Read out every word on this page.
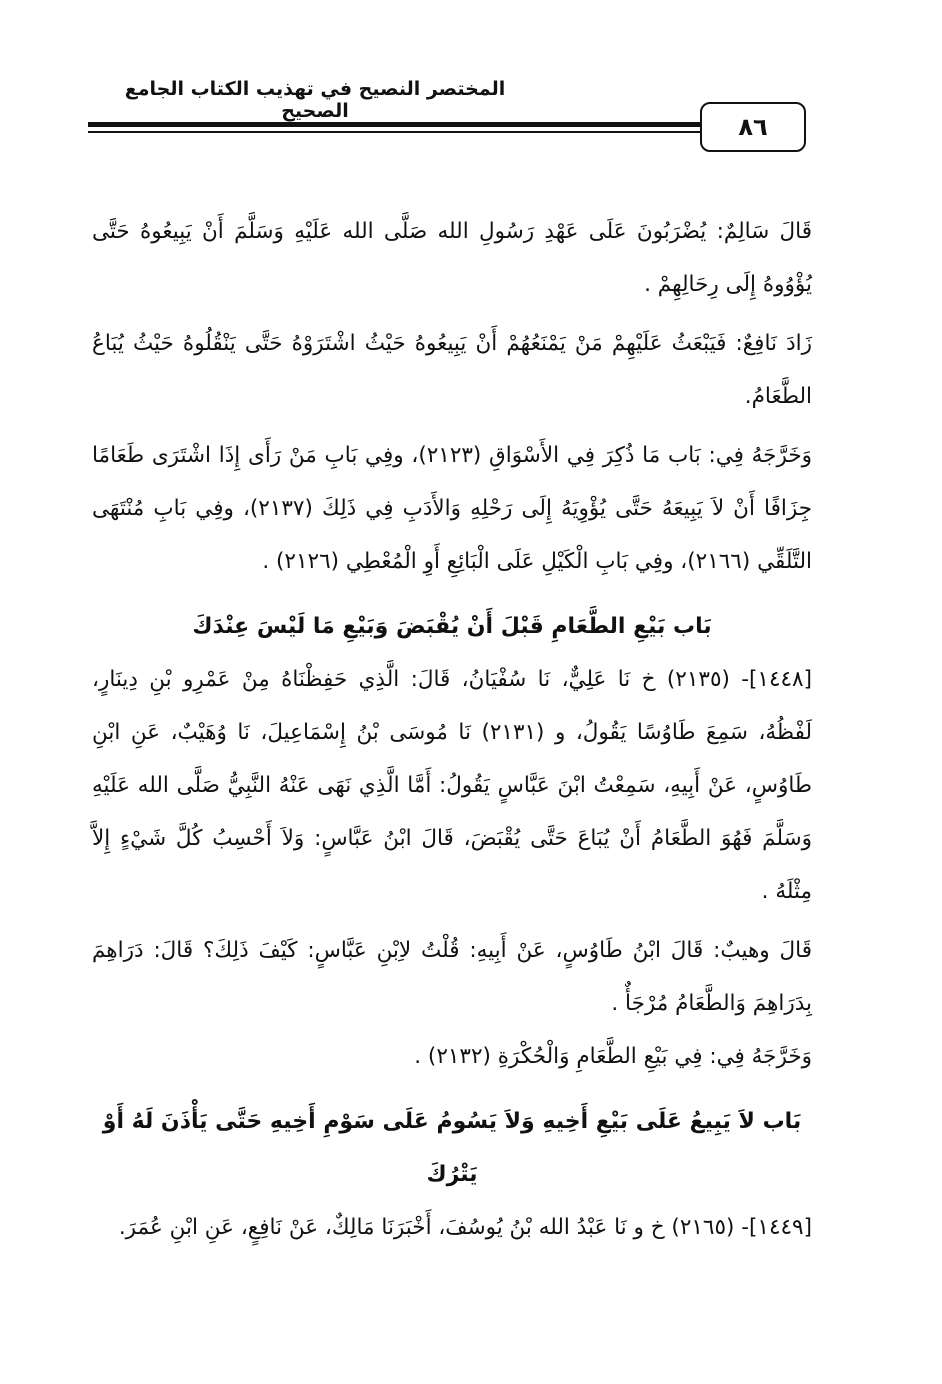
المختصر النصيح في تهذيب الكتاب الجامع الصحيح
٨٦

قَالَ سَالِمٌ: يُضْرَبُونَ عَلَى عَهْدِ رَسُولِ الله صَلَّى الله عَلَيْهِ وَسَلَّمَ أَنْ يَبِيعُوهُ حَتَّى يُؤْوُوهُ إِلَى رِحَالِهِمْ .

زَادَ نَافِعٌ: فَيَبْعَثُ عَلَيْهِمْ مَنْ يَمْنَعُهُمْ أَنْ يَبِيعُوهُ حَيْثُ اشْتَرَوْهُ حَتَّى يَنْقُلُوهُ حَيْثُ يُبَاعُ الطَّعَامُ.

وَخَرَّجَهُ فِي: بَاب مَا ذُكِرَ فِي الأَسْوَاقِ (٢١٢٣)، وفِي بَابِ مَنْ رَأَى إِذَا اشْتَرَى طَعَامًا جِزَافًا أَنْ لاَ يَبِيعَهُ حَتَّى يُؤْوِيَهُ إِلَى رَحْلِهِ وَالأَدَبِ فِي ذَلِكَ (٢١٣٧)، وفِي بَابِ مُنْتَهَى التَّلَقِّي (٢١٦٦)، وفِي بَابِ الْكَيْلِ عَلَى الْبَائِعِ أَوِ الْمُعْطِي (٢١٢٦) .

بَاب بَيْعِ الطَّعَامِ قَبْلَ أَنْ يُقْبَضَ وَبَيْعِ مَا لَيْسَ عِنْدَكَ

[١٤٤٨]- (٢١٣٥) خ نَا عَلِيٌّ، نَا سُفْيَانُ، قَالَ: الَّذِي حَفِظْنَاهُ مِنْ عَمْرِو بْنِ دِينَارٍ، لَفْظُهُ، سَمِعَ طَاوُسًا يَقُولُ، و (٢١٣١) نَا مُوسَى بْنُ إِسْمَاعِيلَ، نَا وُهَيْبٌ، عَنِ ابْنِ طَاوُسٍ، عَنْ أَبِيهِ، سَمِعْتُ ابْنَ عَبَّاسٍ يَقُولُ: أَمَّا الَّذِي نَهَى عَنْهُ النَّبِيُّ صَلَّى الله عَلَيْهِ وَسَلَّمَ فَهُوَ الطَّعَامُ أَنْ يُبَاعَ حَتَّى يُقْبَضَ، قَالَ ابْنُ عَبَّاسٍ: وَلاَ أَحْسِبُ كُلَّ شَيْءٍ إِلاَّ مِثْلَهُ .

قَالَ وهيبٌ: قَالَ ابْنُ طَاوُسٍ، عَنْ أَبِيهِ: قُلْتُ لاِبْنِ عَبَّاسٍ: كَيْفَ ذَلِكَ؟ قَالَ: دَرَاهِمَ بِدَرَاهِمَ وَالطَّعَامُ مُرْجَأٌ .

وَخَرَّجَهُ فِي: فِي بَيْعِ الطَّعَامِ وَالْحُكْرَةِ (٢١٣٢) .

بَاب لاَ يَبِيعُ عَلَى بَيْعِ أَخِيهِ وَلاَ يَسُومُ عَلَى سَوْمِ أَخِيهِ حَتَّى يَأْذَنَ لَهُ أَوْ يَتْرُكَ

[١٤٤٩]- (٢١٦٥) خ و نَا عَبْدُ الله بْنُ يُوسُفَ، أَخْبَرَنَا مَالِكٌ، عَنْ نَافِعٍ، عَنِ ابْنِ عُمَرَ.
